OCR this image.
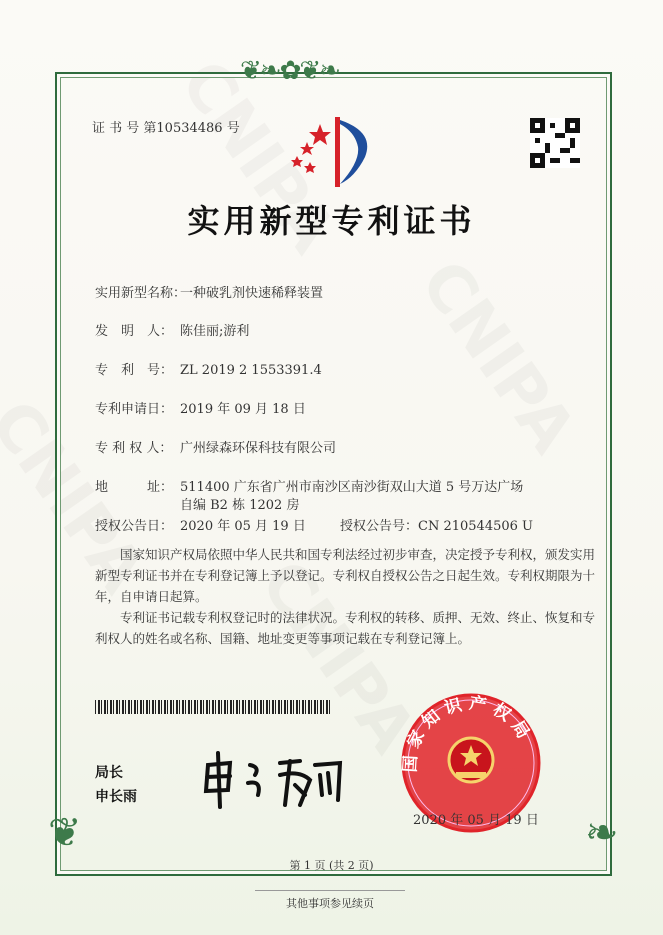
❦❧✿❦❧
❦	❧
证 书 号 第10534486 号
实用新型专利证书
实用新型名称：一种破乳剂快速稀释装置
发　明　人： 陈佳丽;游利
专　利　号： ZL 2019 2 1553391.4
专利申请日： 2019 年 09 月 18 日
专 利 权 人： 广州绿森环保科技有限公司
地　　　址： 511400 广东省广州市南沙区南沙街双山大道 5 号万达广场
自编 B2 栋 1202 房
授权公告日： 2020 年 05 月 19 日	授权公告号：CN 210544506 U
国家知识产权局依照中华人民共和国专利法经过初步审查，决定授予专利权，颁发实用新型专利证书并在专利登记簿上予以登记。专利权自授权公告之日起生效。专利权期限为十年，自申请日起算。
专利证书记载专利权登记时的法律状况。专利权的转移、质押、无效、终止、恢复和专利权人的姓名或名称、国籍、地址变更等事项记载在专利登记簿上。
局长
申长雨
国家知识产权局
2020 年 05 月 19 日
第 1 页 (共 2 页)
其他事项参见续页
